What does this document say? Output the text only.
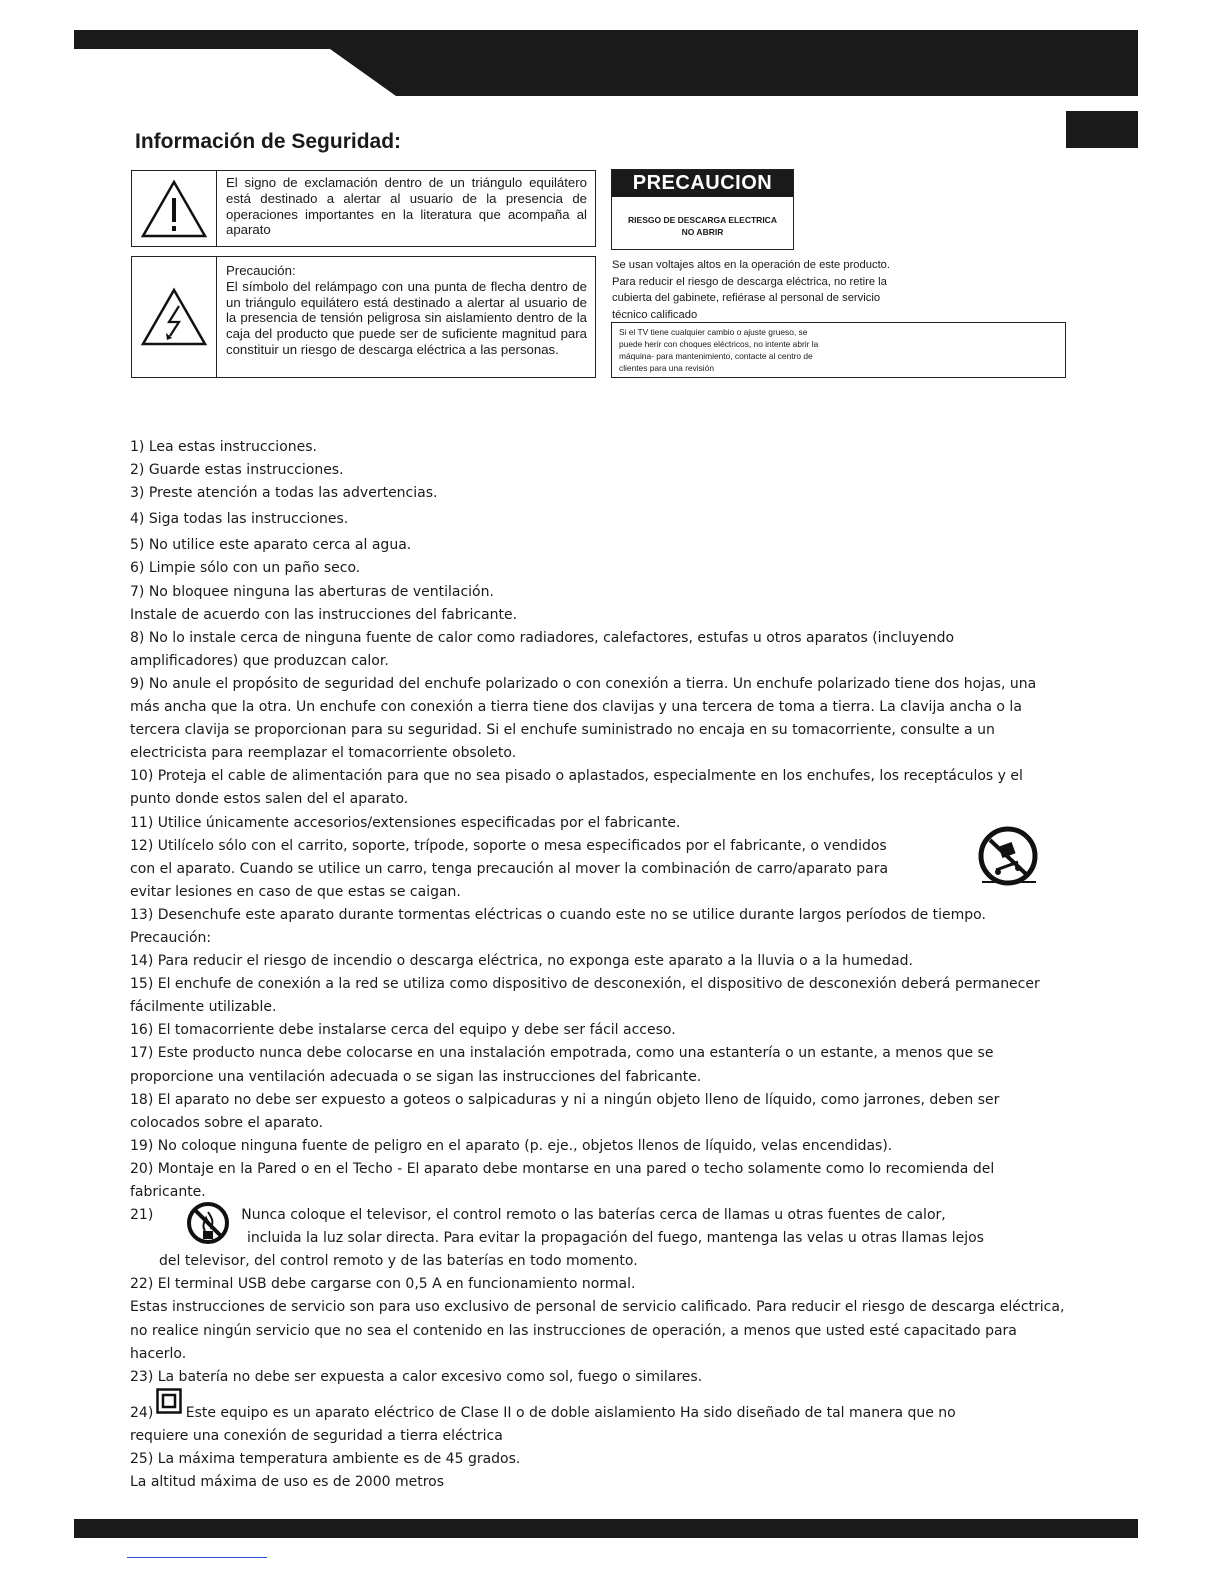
Información de Seguridad:
El signo de exclamación dentro de un triángulo equilátero está destinado a alertar al usuario de la presencia de operaciones importantes en la literatura que acompaña al aparato
Precaución:
El símbolo del relámpago con una punta de flecha dentro de un triángulo equilátero está destinado a alertar al usuario de la presencia de tensión peligrosa sin aislamiento dentro de la caja del producto que puede ser de suficiente magnitud para constituir un riesgo de descarga eléctrica a las personas.
PRECAUCION
RIESGO DE DESCARGA ELECTRICA
NO ABRIR
Se usan voltajes altos en la operación de este producto.
Para reducir el riesgo de descarga eléctrica, no retire la
cubierta del gabinete, refiérase al personal de servicio
técnico calificado
Si el TV tiene cualquier cambio o ajuste grueso, se
puede herir con choques eléctricos, no intente abrir la
máquina- para mantenimiento, contacte al centro de
clientes para una revisión

1) Lea estas instrucciones.

2) Guarde estas instrucciones.

3) Preste atención a todas las advertencias.

4) Siga todas las instrucciones.

5) No utilice este aparato cerca al agua.

6) Limpie sólo con un paño seco.

7) No bloquee ninguna las aberturas de ventilación.

Instale de acuerdo con las instrucciones del fabricante.

8) No lo instale cerca de ninguna fuente de calor como radiadores, calefactores, estufas u otros aparatos (incluyendo amplificadores) que produzcan calor.

9) No anule el propósito de seguridad del enchufe polarizado o con conexión a tierra. Un enchufe polarizado tiene dos hojas, una más ancha que la otra. Un enchufe con conexión a tierra tiene dos clavijas y una tercera de toma a tierra. La clavija ancha o la tercera clavija se proporcionan para su seguridad. Si el enchufe suministrado no encaja en su tomacorriente, consulte a un electricista para reemplazar el tomacorriente obsoleto.

10) Proteja el cable de alimentación para que no sea pisado o aplastados, especialmente en los enchufes, los receptáculos y el punto donde estos salen del el aparato.

11) Utilice únicamente accesorios/extensiones especificadas por el fabricante.

12) Utilícelo sólo con el carrito, soporte, trípode, soporte o mesa especificados por el fabricante, o vendidos

con el aparato. Cuando se utilice un carro, tenga precaución al mover la combinación de carro/aparato para

evitar lesiones en caso de que estas se caigan.

13) Desenchufe este aparato durante tormentas eléctricas o cuando este no se utilice durante largos períodos de tiempo.

Precaución:

14) Para reducir el riesgo de incendio o descarga eléctrica, no exponga este aparato a la lluvia o a la humedad.

15) El enchufe de conexión a la red se utiliza como dispositivo de desconexión, el dispositivo de desconexión deberá permanecer fácilmente utilizable.

16) El tomacorriente debe instalarse cerca del equipo y debe ser fácil acceso.

17) Este producto nunca debe colocarse en una instalación empotrada, como una estantería o un estante, a menos que se proporcione una ventilación adecuada o se sigan las instrucciones del fabricante.

18) El aparato no debe ser expuesto a goteos o salpicaduras y ni a ningún objeto lleno de líquido, como jarrones, deben ser colocados sobre el aparato.

19) No coloque ninguna fuente de peligro en el aparato (p. eje., objetos llenos de líquido, velas encendidas).

20) Montaje en la Pared o en el Techo - El aparato debe montarse en una pared o techo solamente como lo recomienda del fabricante.

21)	Nunca coloque el televisor, el control remoto o las baterías cerca de llamas u otras fuentes de calor,

incluida la luz solar directa. Para evitar la propagación del fuego, mantenga las velas u otras llamas lejos

del televisor, del control remoto y de las baterías en todo momento.

22) El terminal USB debe cargarse con 0,5 A en funcionamiento normal.

Estas instrucciones de servicio son para uso exclusivo de personal de servicio calificado. Para reducir el riesgo de descarga eléctrica, no realice ningún servicio que no sea el contenido en las instrucciones de operación, a menos que usted esté capacitado para hacerlo.

23) La batería no debe ser expuesta a calor excesivo como sol, fuego o similares.

24) Este equipo es un aparato eléctrico de Clase II o de doble aislamiento Ha sido diseñado de tal manera que no

requiere una conexión de seguridad a tierra eléctrica

25) La máxima temperatura ambiente es de 45 grados.

La altitud máxima de uso es de 2000 metros
